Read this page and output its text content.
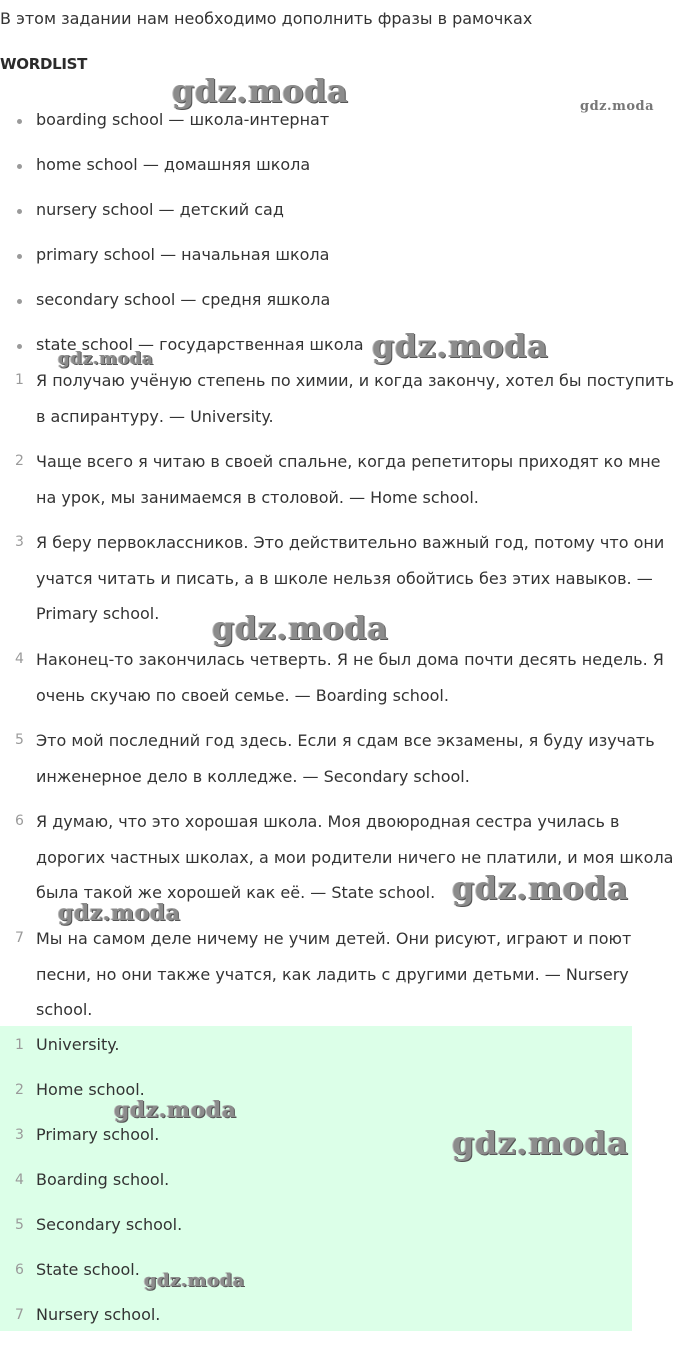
В этом задании нам необходимо дополнить фразы в рамочках
WORDLIST
boarding school — школа-интернат
home school — домашняя школа
nursery school — детский сад
primary school — начальная школа
secondary school — средня яшкола
state school — государственная школа
1 Я получаю учёную степень по химии, и когда закончу, хотел бы поступить в аспирантуру. — University.
2 Чаще всего я читаю в своей спальне, когда репетиторы приходят ко мне на урок, мы занимаемся в столовой. — Home school.
3 Я беру первоклассников. Это действительно важный год, потому что они учатся читать и писать, а в школе нельзя обойтись без этих навыков. — Primary school.
4 Наконец-то закончилась четверть. Я не был дома почти десять недель. Я очень скучаю по своей семье. — Boarding school.
5 Это мой последний год здесь. Если я сдам все экзамены, я буду изучать инженерное дело в колледже. — Secondary school.
6 Я думаю, что это хорошая школа. Моя двоюродная сестра училась в дорогих частных школах, а мои родители ничего не платили, и моя школа была такой же хорошей как её. — State school.
7 Мы на самом деле ничему не учим детей. Они рисуют, играют и поют песни, но они также учатся, как ладить с другими детьми. — Nursery school.
1 University.
2 Home school.
3 Primary school.
4 Boarding school.
5 Secondary school.
6 State school.
7 Nursery school.
gdz.moda	gdz.moda
gdz.moda
gdz.moda
gdz.moda
gdz.moda
gdz.moda
gdz.moda
gdz.moda
gdz.moda
